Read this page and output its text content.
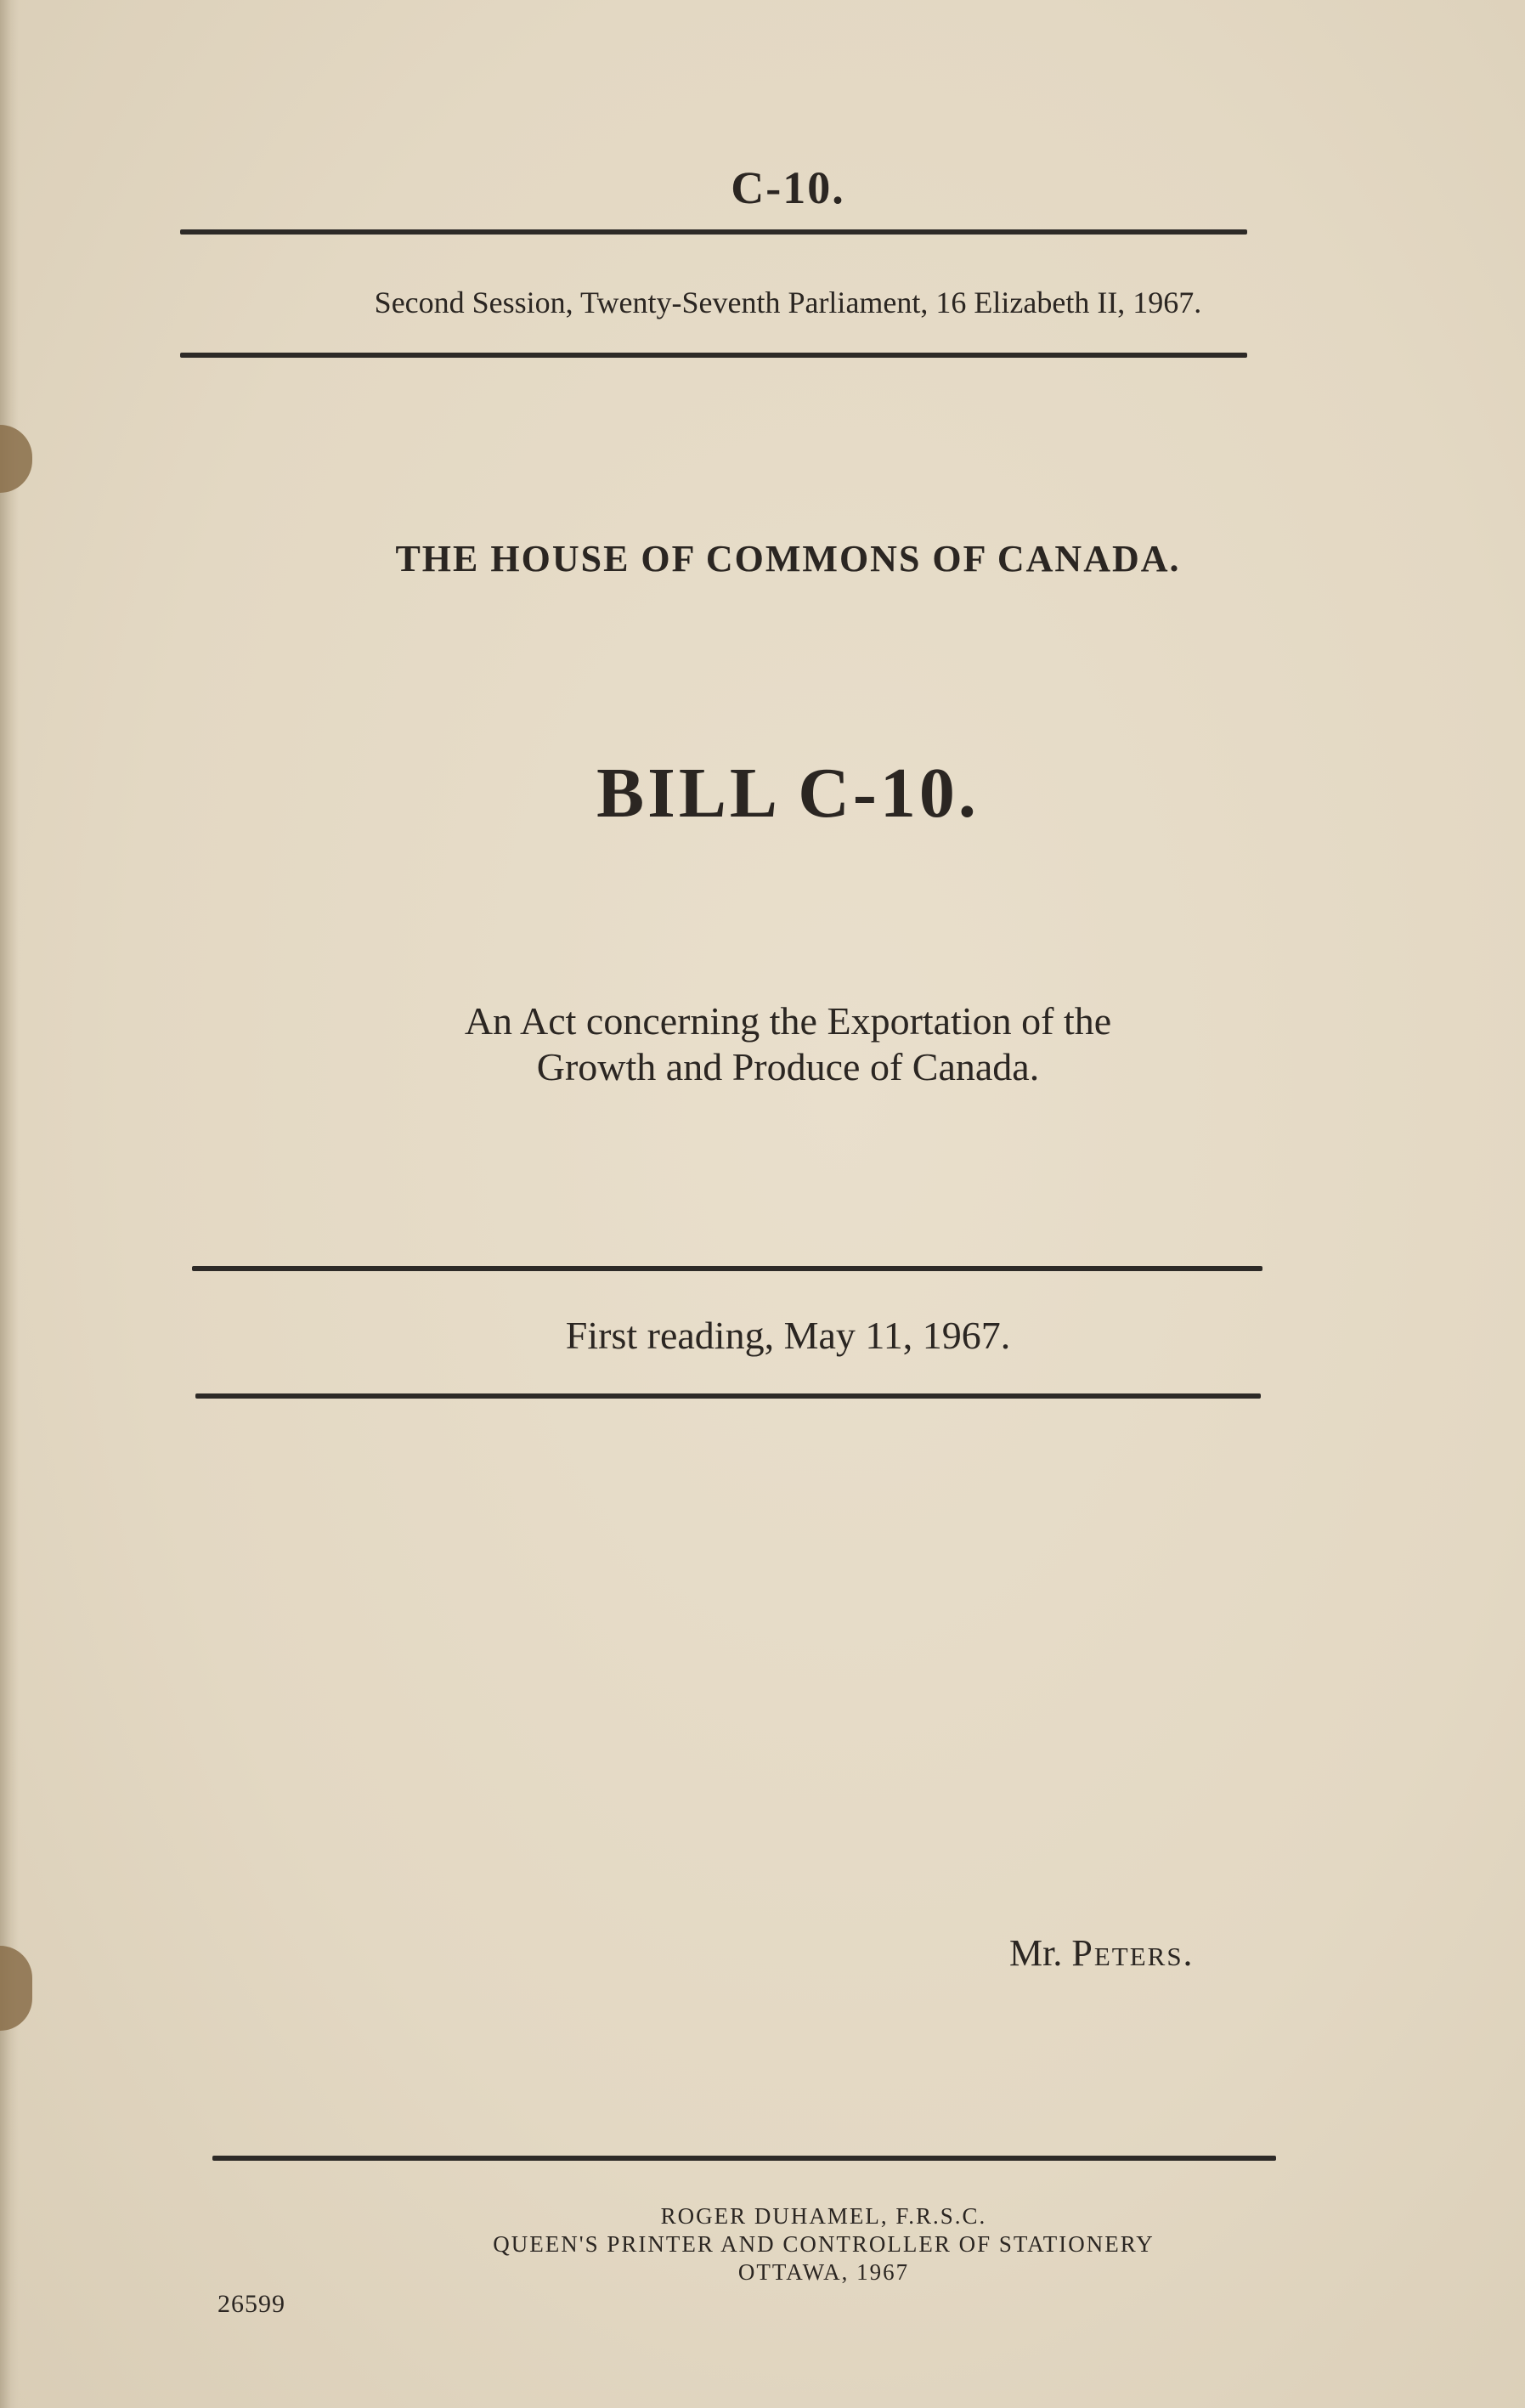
C-10.
Second Session, Twenty-Seventh Parliament, 16 Elizabeth II, 1967.
THE HOUSE OF COMMONS OF CANADA.
BILL C-10.
An Act concerning the Exportation of the
Growth and Produce of Canada.
First reading, May 11, 1967.
Mr. Peters.
ROGER DUHAMEL, F.R.S.C.
QUEEN'S PRINTER AND CONTROLLER OF STATIONERY
OTTAWA, 1967
26599
